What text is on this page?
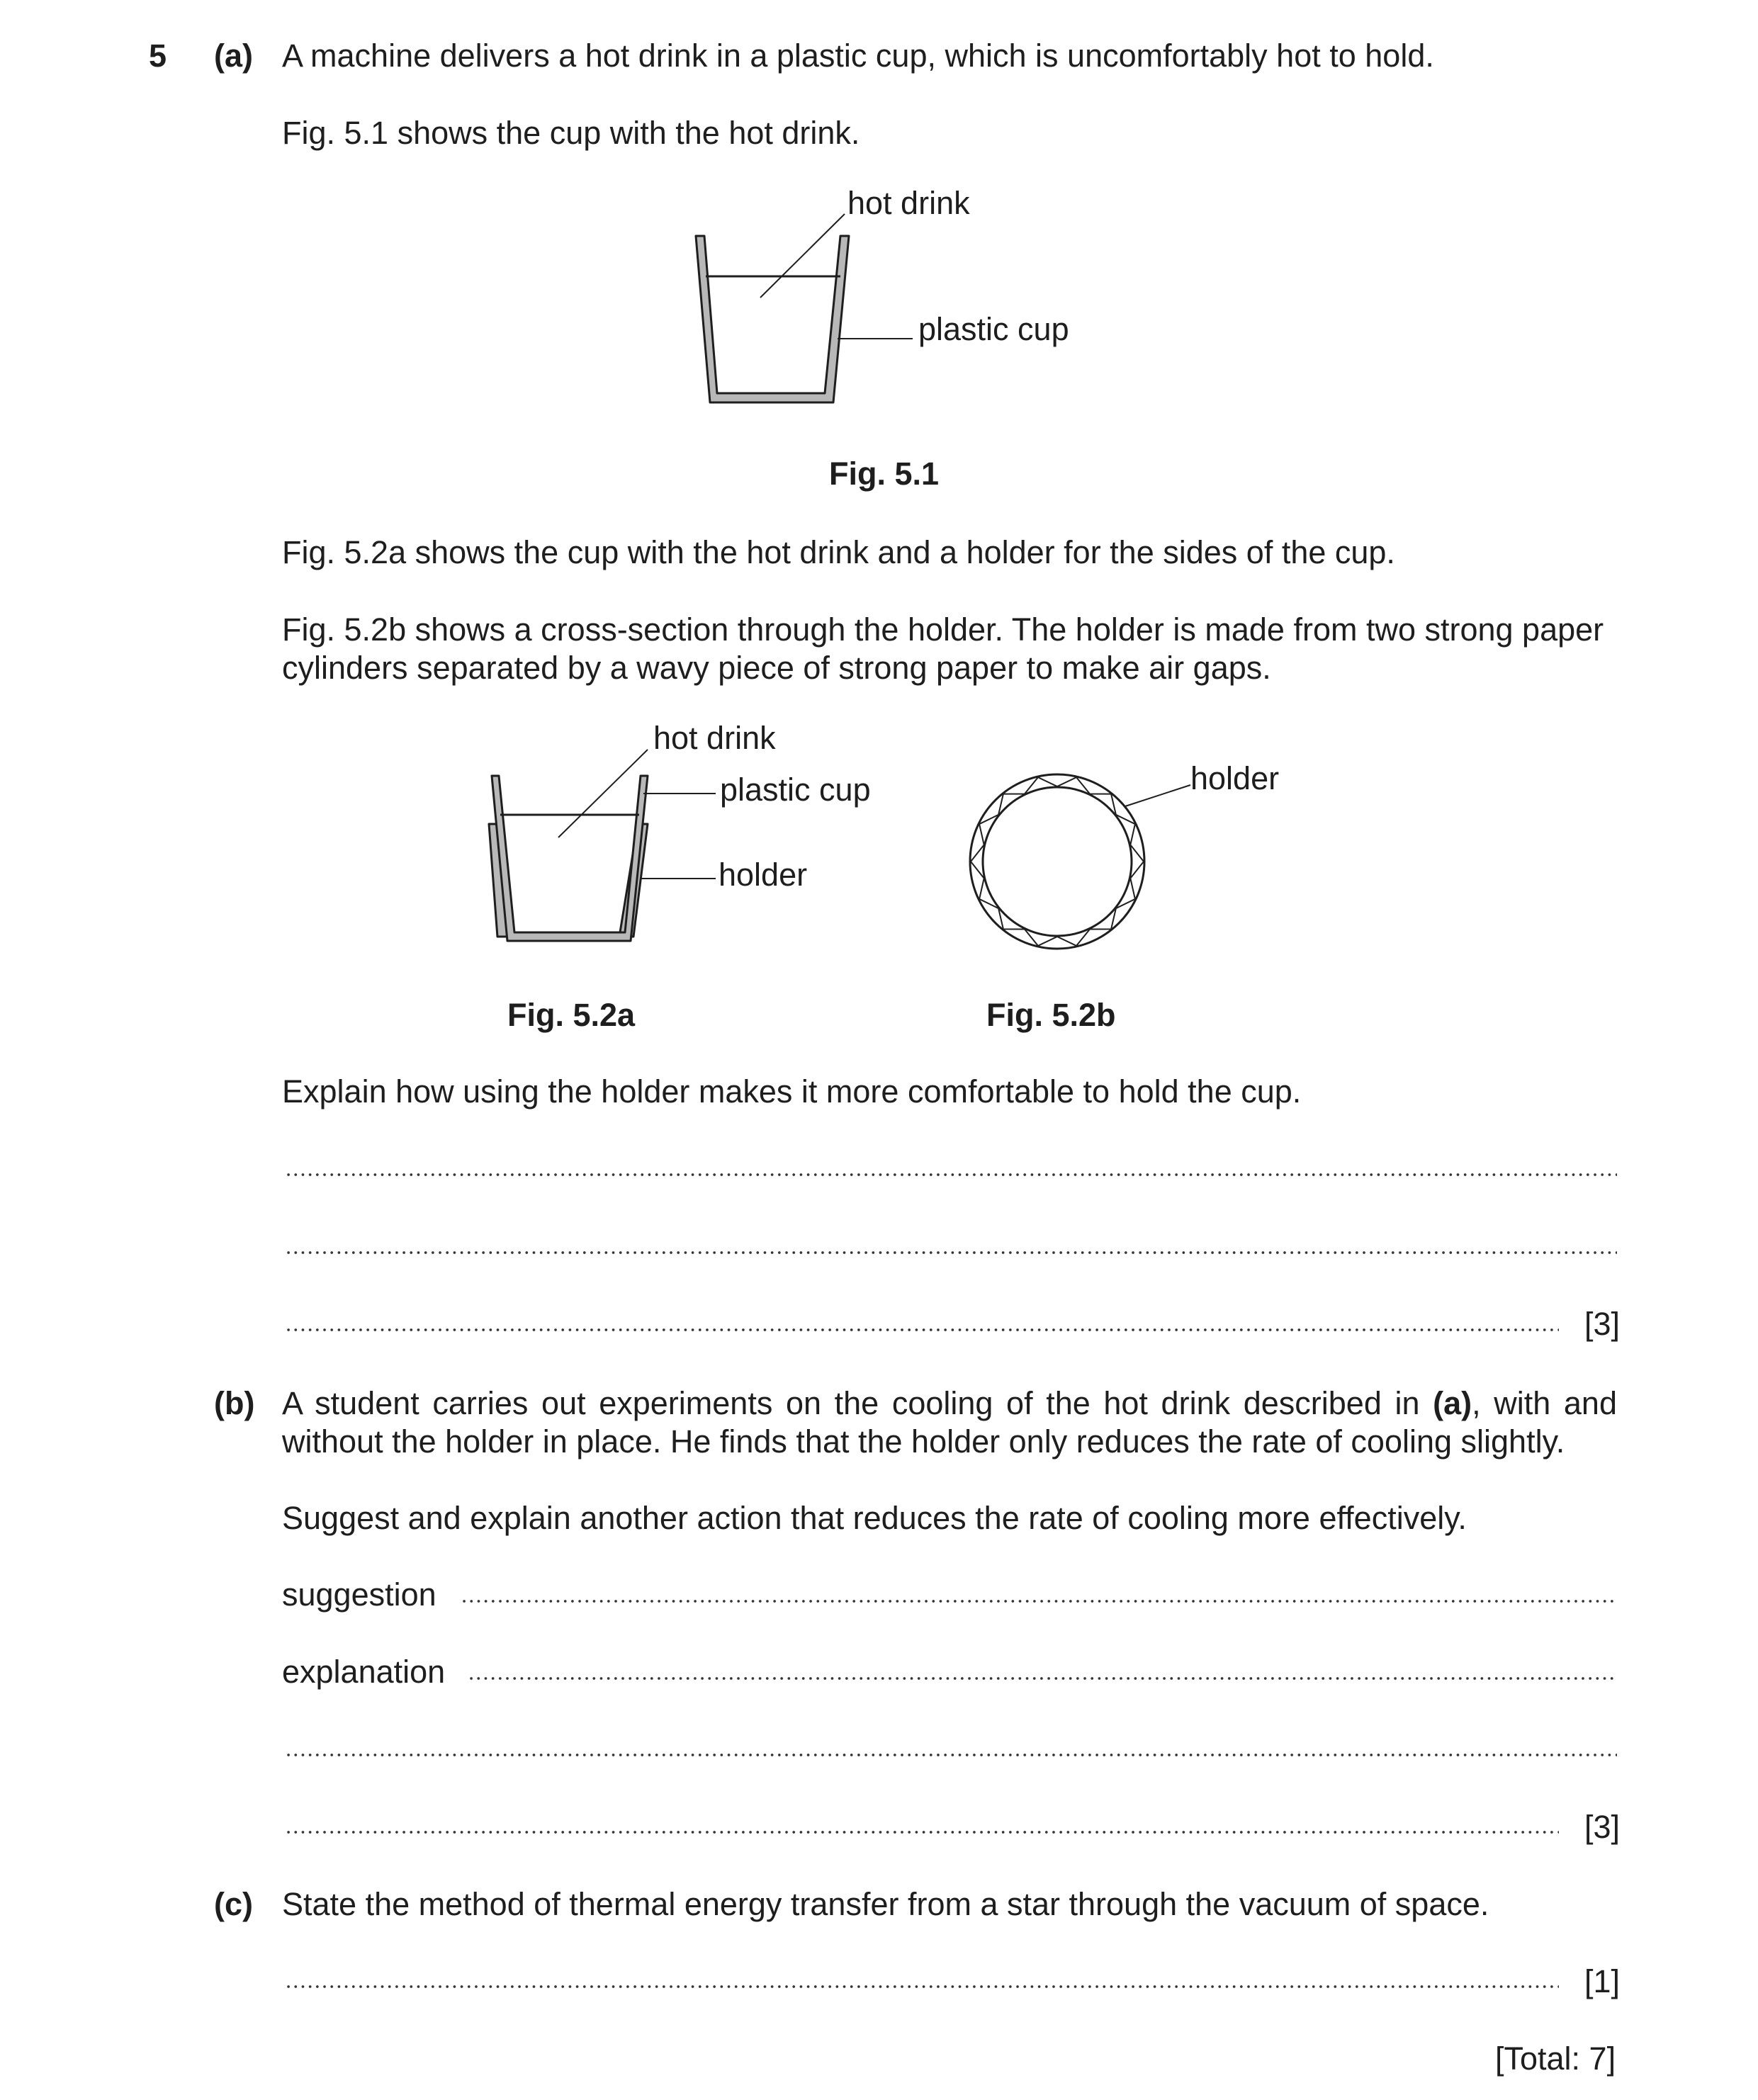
5 (a) A machine delivers a hot drink in a plastic cup, which is uncomfortably hot to hold.
Fig. 5.1 shows the cup with the hot drink.
hot drink
plastic cup
Fig. 5.1
Fig. 5.2a shows the cup with the hot drink and a holder for the sides of the cup.
Fig. 5.2b shows a cross-section through the holder. The holder is made from two strong paper
cylinders separated by a wavy piece of strong paper to make air gaps.
hot drink
plastic cup
holder
Fig. 5.2a
holder
Fig. 5.2b
Explain how using the holder makes it more comfortable to hold the cup.
[3]
(b) A student carries out experiments on the cooling of the hot drink described in (a), with and
without the holder in place. He finds that the holder only reduces the rate of cooling slightly.
Suggest and explain another action that reduces the rate of cooling more effectively.
suggestion
explanation
[3]
(c) State the method of thermal energy transfer from a star through the vacuum of space.
[1]
[Total: 7]
